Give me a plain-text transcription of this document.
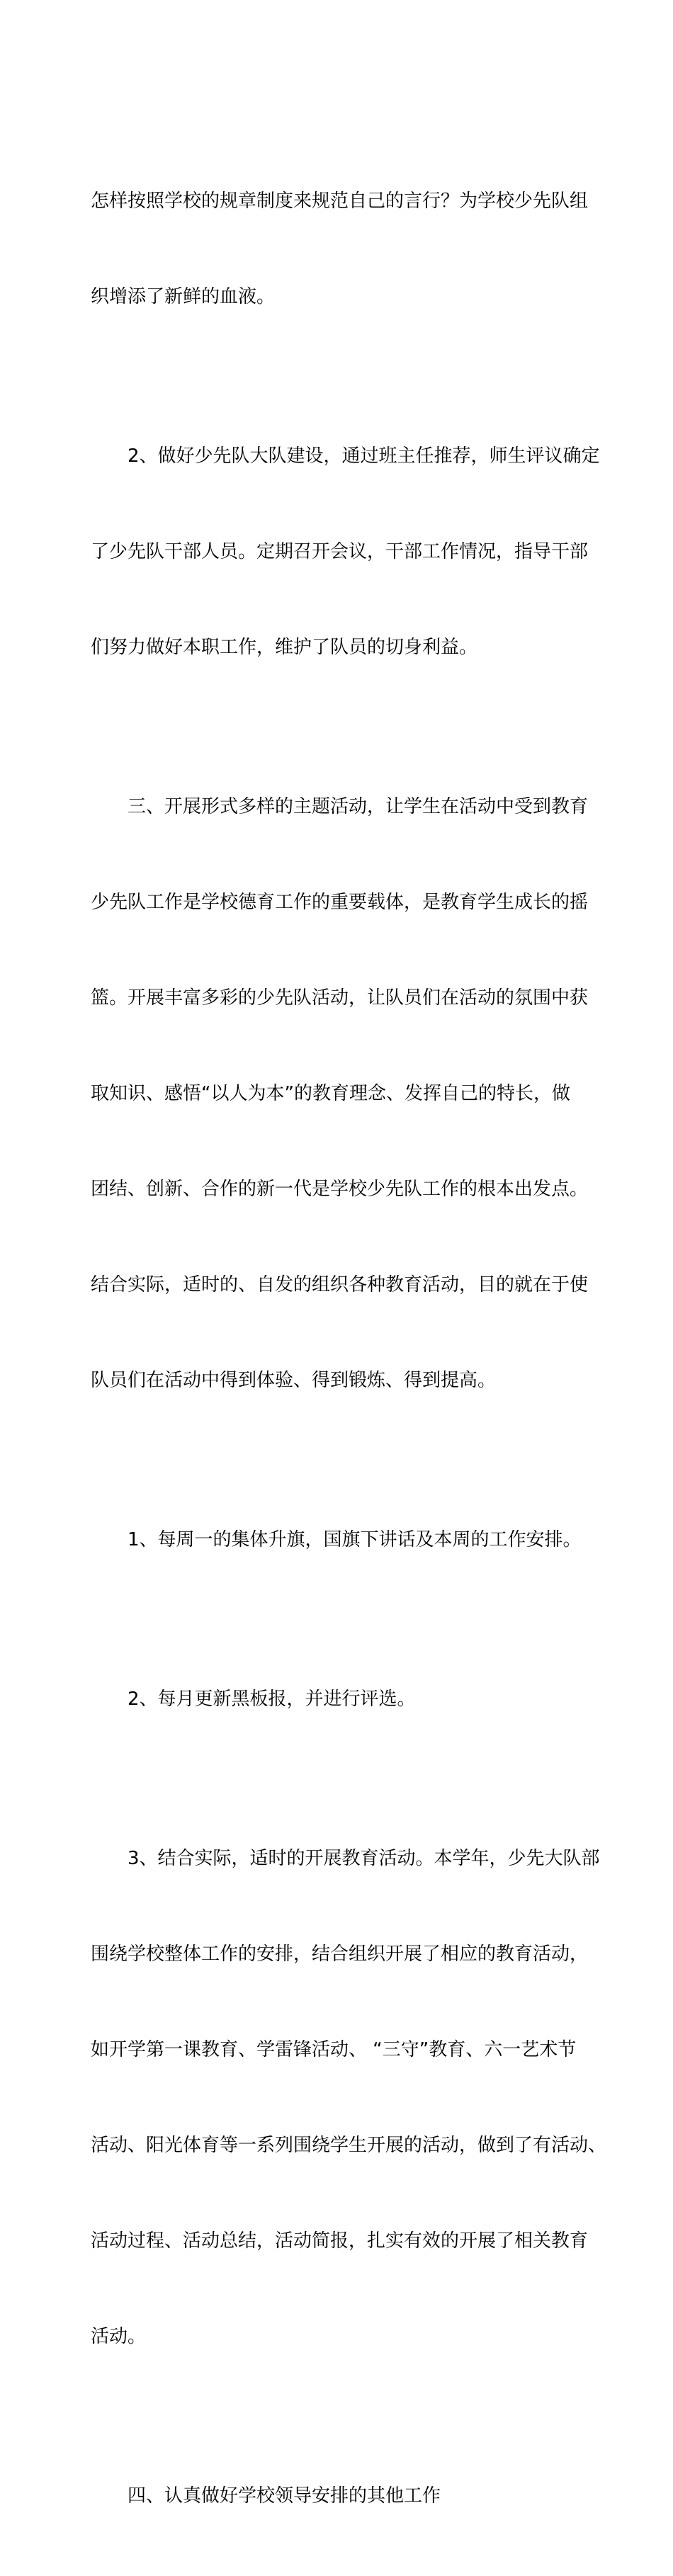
怎样按照学校的规章制度来规范自己的言行？为学校少先队组

织增添了新鲜的血液。

2、做好少先队大队建设，通过班主任推荐，师生评议确定

了少先队干部人员。定期召开会议，干部工作情况，指导干部

们努力做好本职工作，维护了队员的切身利益。

三、开展形式多样的主题活动，让学生在活动中受到教育

少先队工作是学校德育工作的重要载体，是教育学生成长的摇

篮。开展丰富多彩的少先队活动，让队员们在活动的氛围中获

取知识、感悟“以人为本”的教育理念、发挥自己的特长，做

团结、创新、合作的新一代是学校少先队工作的根本出发点。

结合实际，适时的、自发的组织各种教育活动，目的就在于使

队员们在活动中得到体验、得到锻炼、得到提高。

1、每周一的集体升旗，国旗下讲话及本周的工作安排。

2、每月更新黑板报，并进行评选。

3、结合实际，适时的开展教育活动。本学年，少先大队部

围绕学校整体工作的安排，结合组织开展了相应的教育活动，

如开学第一课教育、学雷锋活动、 “三守”教育、六一艺术节

活动、阳光体育等一系列围绕学生开展的活动，做到了有活动、

活动过程、活动总结，活动简报，扎实有效的开展了相关教育

活动。

四、认真做好学校领导安排的其他工作
